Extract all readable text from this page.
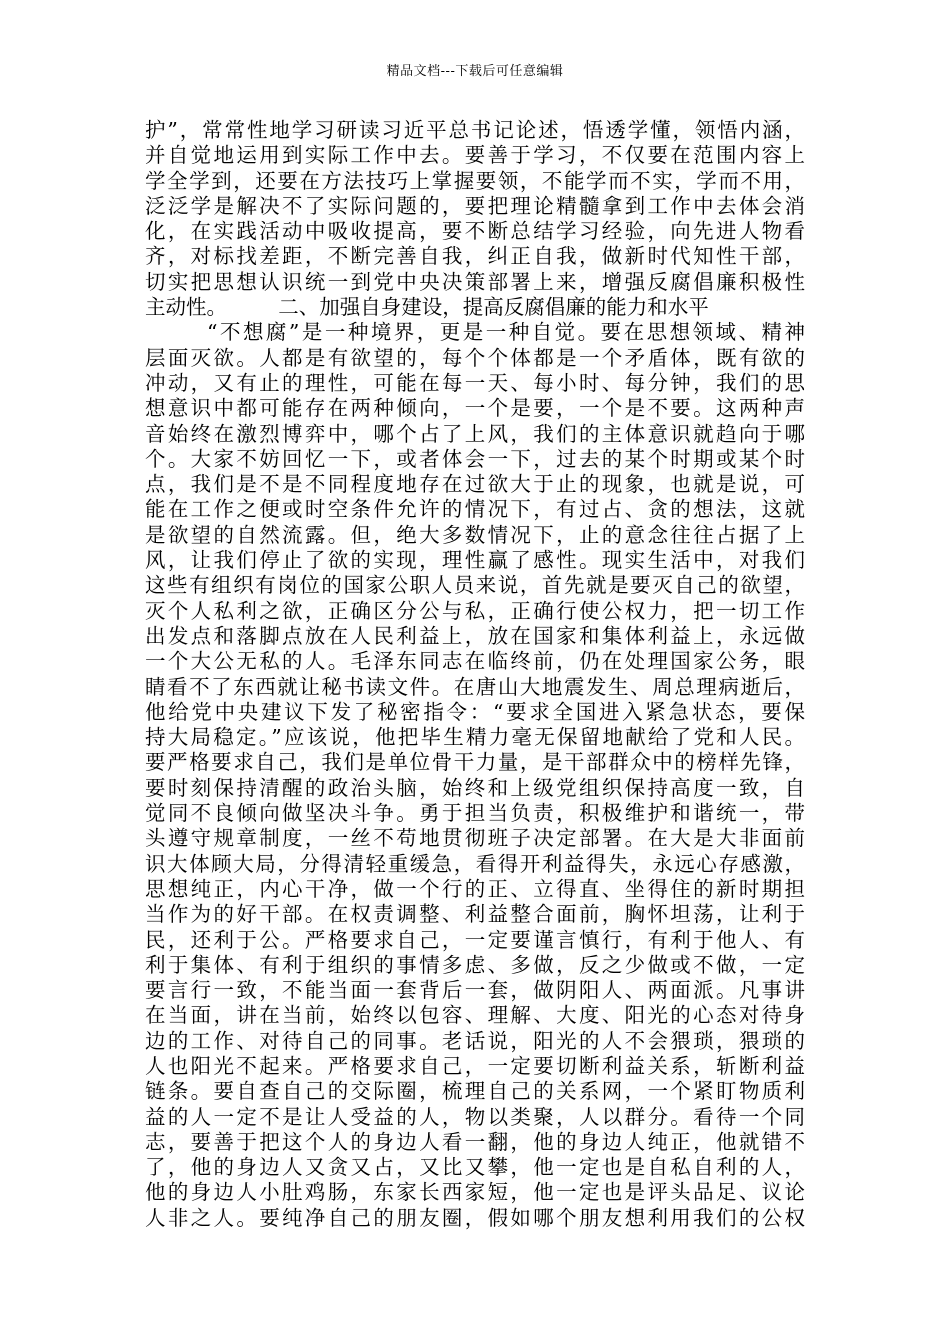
精品文档---下载后可任意编辑
护”，常常性地学习研读习近平总书记论述，悟透学懂，领悟内涵，
并自觉地运用到实际工作中去。要善于学习，不仅要在范围内容上
学全学到，还要在方法技巧上掌握要领，不能学而不实，学而不用，
泛泛学是解决不了实际问题的，要把理论精髓拿到工作中去体会消
化，在实践活动中吸收提高，要不断总结学习经验，向先进人物看
齐，对标找差距，不断完善自我，纠正自我，做新时代知性干部，
切实把思想认识统一到党中央决策部署上来，增强反腐倡廉积极性
主动性。　　　二、加强自身建设，提高反腐倡廉的能力和水平
“不想腐”是一种境界，更是一种自觉。要在思想领域、精神
层面灭欲。人都是有欲望的，每个个体都是一个矛盾体，既有欲的
冲动，又有止的理性，可能在每一天、每小时、每分钟，我们的思
想意识中都可能存在两种倾向，一个是要，一个是不要。这两种声
音始终在激烈博弈中，哪个占了上风，我们的主体意识就趋向于哪
个。大家不妨回忆一下，或者体会一下，过去的某个时期或某个时
点，我们是不是不同程度地存在过欲大于止的现象，也就是说，可
能在工作之便或时空条件允许的情况下，有过占、贪的想法，这就
是欲望的自然流露。但，绝大多数情况下，止的意念往往占据了上
风，让我们停止了欲的实现，理性赢了感性。现实生活中，对我们
这些有组织有岗位的国家公职人员来说，首先就是要灭自己的欲望，
灭个人私利之欲，正确区分公与私，正确行使公权力，把一切工作
出发点和落脚点放在人民利益上，放在国家和集体利益上，永远做
一个大公无私的人。毛泽东同志在临终前，仍在处理国家公务，眼
睛看不了东西就让秘书读文件。在唐山大地震发生、周总理病逝后，
他给党中央建议下发了秘密指令：“要求全国进入紧急状态，要保
持大局稳定。”应该说，他把毕生精力毫无保留地献给了党和人民。
要严格要求自己，我们是单位骨干力量，是干部群众中的榜样先锋，
要时刻保持清醒的政治头脑，始终和上级党组织保持高度一致，自
觉同不良倾向做坚决斗争。勇于担当负责，积极维护和谐统一，带
头遵守规章制度，一丝不苟地贯彻班子决定部署。在大是大非面前
识大体顾大局，分得清轻重缓急，看得开利益得失，永远心存感激，
思想纯正，内心干净，做一个行的正、立得直、坐得住的新时期担
当作为的好干部。在权责调整、利益整合面前，胸怀坦荡，让利于
民，还利于公。严格要求自己，一定要谨言慎行，有利于他人、有
利于集体、有利于组织的事情多虑、多做，反之少做或不做，一定
要言行一致，不能当面一套背后一套，做阴阳人、两面派。凡事讲
在当面，讲在当前，始终以包容、理解、大度、阳光的心态对待身
边的工作、对待自己的同事。老话说，阳光的人不会猥琐，猥琐的
人也阳光不起来。严格要求自己，一定要切断利益关系，斩断利益
链条。要自查自己的交际圈，梳理自己的关系网，一个紧盯物质利
益的人一定不是让人受益的人，物以类聚，人以群分。看待一个同
志，要善于把这个人的身边人看一翻，他的身边人纯正，他就错不
了，他的身边人又贪又占，又比又攀，他一定也是自私自利的人，
他的身边人小肚鸡肠，东家长西家短，他一定也是评头品足、议论
人非之人。要纯净自己的朋友圈，假如哪个朋友想利用我们的公权
